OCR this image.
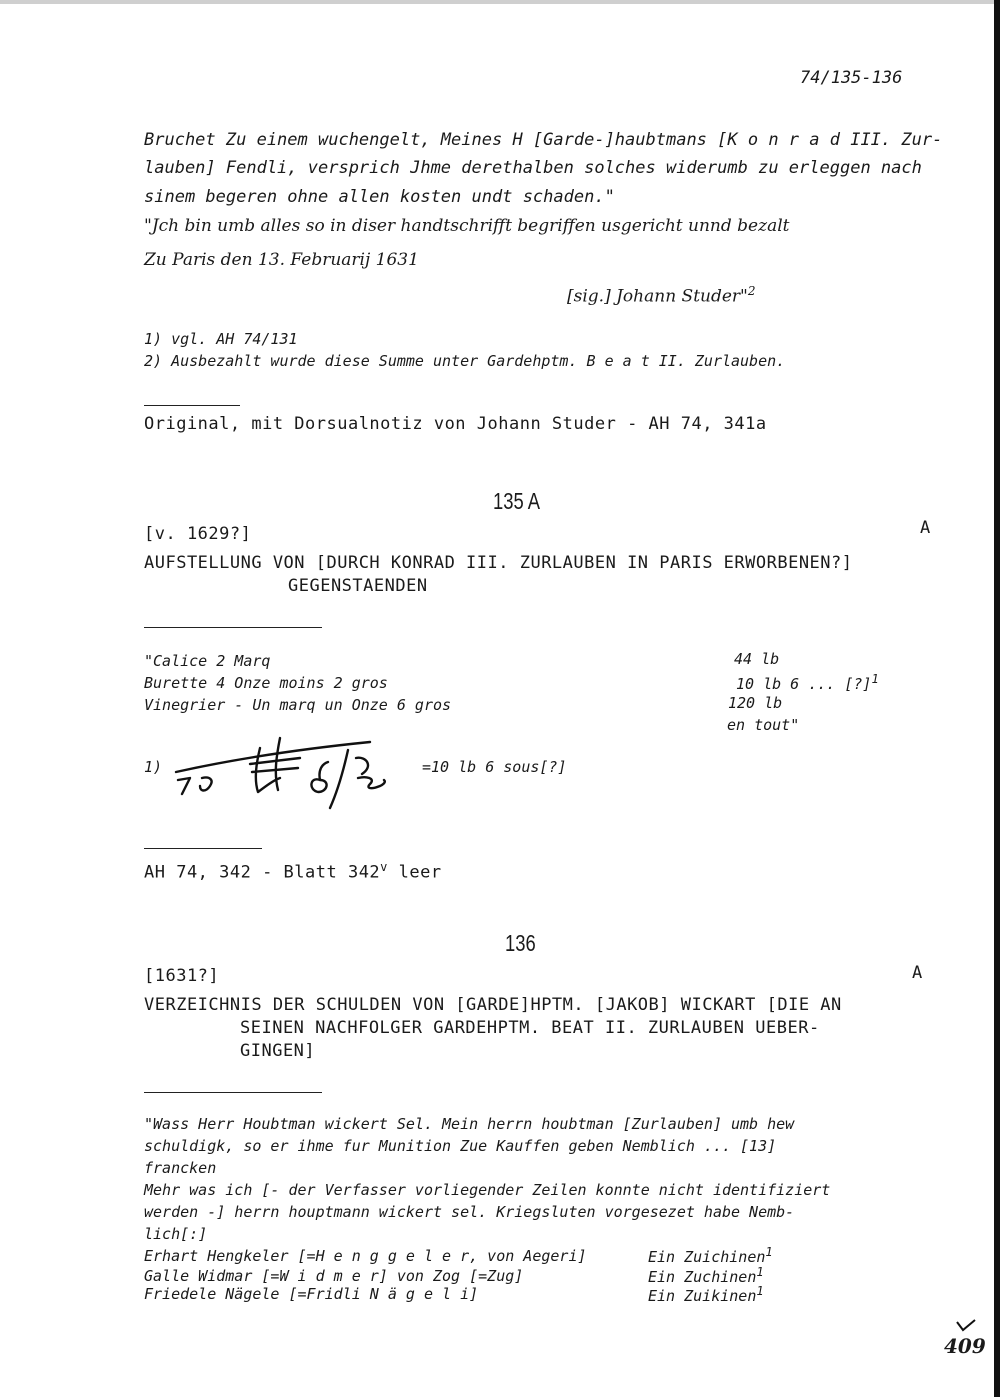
74/135-136
Bruchet Zu einem wuchengelt, Meines H [Garde-]haubtmans [K o n r a d III. Zur-
lauben] Fendli, versprich Jhme derethalben solches widerumb zu erleggen nach
sinem begeren ohne allen kosten undt schaden."
"Jch bin umb alles so in diser handtschrifft begriffen usgericht unnd bezalt
Zu Paris den 13. Februarij 1631
[sig.] Johann Studer"$^2$
1) vgl. AH 74/131
2) Ausbezahlt wurde diese Summe unter Gardehptm. B e a t II. Zurlauben.
Original, mit Dorsualnotiz von Johann Studer - AH 74, 341a
135 A
[v. 1629?]	A
AUFSTELLUNG VON [DURCH KONRAD III. ZURLAUBEN IN PARIS ERWORBENEN?]
GEGENSTAENDEN
"Calice 2 Marq	44 lb
Burette 4 Onze moins 2 gros	10 lb 6 ... [?]$^1$
Vinegrier - Un marq un Onze 6 gros	120 lb
en tout"
1)	=10 lb 6 sous[?]
AH 74, 342 - Blatt 342$^v$ leer
136
[1631?]	A
VERZEICHNIS DER SCHULDEN VON [GARDE]HPTM. [JAKOB] WICKART [DIE AN
SEINEN NACHFOLGER GARDEHPTM. BEAT II. ZURLAUBEN UEBER-
GINGEN]
"Wass Herr Houbtman wickert Sel. Mein herrn houbtman [Zurlauben] umb hew
schuldigk, so er ihme fur Munition Zue Kauffen geben Nemblich ... [13]
francken
Mehr was ich [- der Verfasser vorliegender Zeilen konnte nicht identifiziert
werden -] herrn houptmann wickert sel. Kriegsluten vorgesezet habe Nemb-
lich[:]
Erhart Hengkeler [=H e n g g e l e r, von Aegeri]	Ein Zuichinen$^1$
Galle Widmar [=W i d m e r] von Zog [=Zug]	Ein Zuchinen$^1$
Friedele Nägele [=Fridli N ä g e l i]	Ein Zuikinen$^1$
409
